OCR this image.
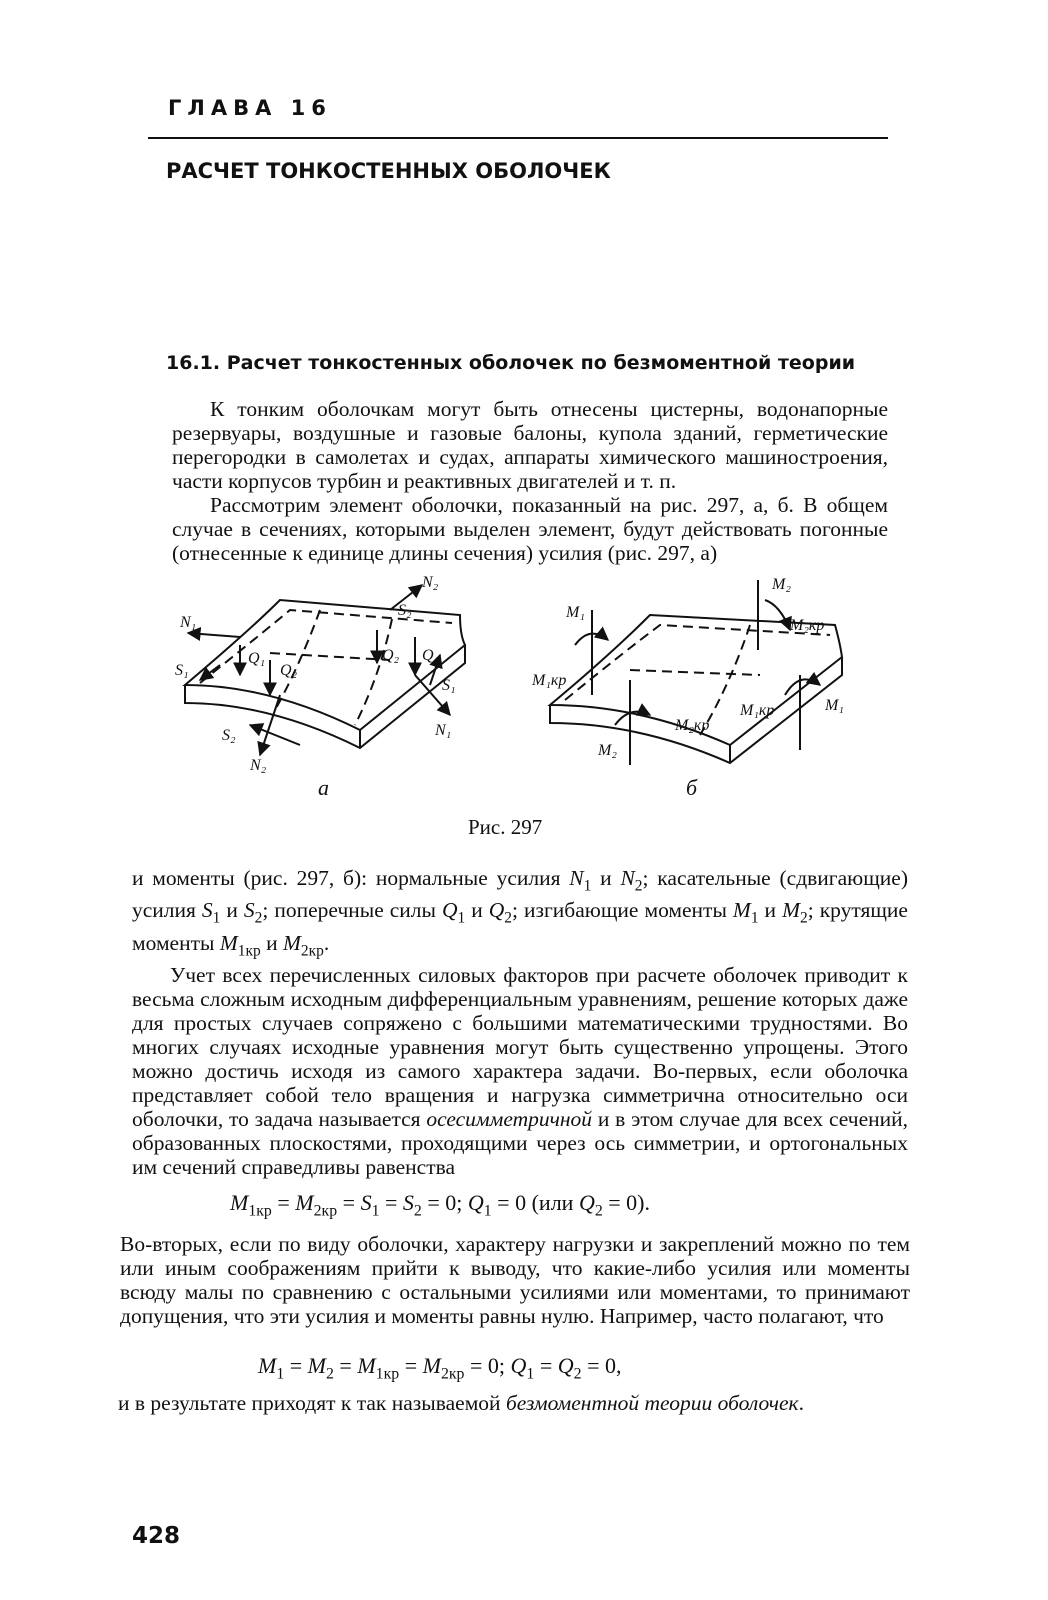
ГЛАВА 16
РАСЧЕТ ТОНКОСТЕННЫХ ОБОЛОЧЕК
16.1. Расчет тонкостенных оболочек по безмоментной теории

К тонким оболочкам могут быть отнесены цистерны, водонапорные резервуары, воздушные и газовые балоны, купола зданий, герметические перегородки в самолетах и судах, аппараты химического машиностроения, части корпусов турбин и реактивных двигателей и т. п.

Рассмотрим элемент оболочки, показанный на рис. 297, а, б. В общем случае в сечениях, которыми выделен элемент, будут действовать погонные (отнесенные к единице длины сечения) усилия (рис. 297, а)

N₁
S₁
Q₁
Q₂
N₂
S₂
Q₂ Q₁
S₁
N₁
S₂
N₂
M₁
M₁кр
M₂
M₂кр
M₂кр
M₂
M₁кр	M₁
а	б
Рис. 297

и моменты (рис. 297, б): нормальные усилия $N_1$ и $N_2$; касательные (сдвигающие) усилия $S_1$ и $S_2$; поперечные силы $Q_1$ и $Q_2$; изгибающие моменты $M_1$ и $M_2$; крутящие моменты $M_{1кр}$ и $M_{2кр}$.

Учет всех перечисленных силовых факторов при расчете оболочек приводит к весьма сложным исходным дифференциальным уравнениям, решение которых даже для простых случаев сопряжено с большими математическими трудностями. Во многих случаях исходные уравнения могут быть существенно упрощены. Этого можно достичь исходя из самого характера задачи. Во-первых, если оболочка представляет собой тело вращения и нагрузка симметрична относительно оси оболочки, то задача называется осесимметричной и в этом случае для всех сечений, образованных плоскостями, проходящими через ось симметрии, и ортогональных им сечений справедливы равенства

$M_{1кр} = M_{2кр} = S_1 = S_2 = 0$; $Q_1 = 0$ (или $Q_2 = 0$).

Во-вторых, если по виду оболочки, характеру нагрузки и закреплений можно по тем или иным соображениям прийти к выводу, что какие-либо усилия или моменты всюду малы по сравнению с остальными усилиями или моментами, то принимают допущения, что эти усилия и моменты равны нулю. Например, часто полагают, что

$M_1 = M_2 = M_{1кр} = M_{2кр} = 0$; $Q_1 = Q_2 = 0$,

и в результате приходят к так называемой безмоментной теории оболочек.

428
